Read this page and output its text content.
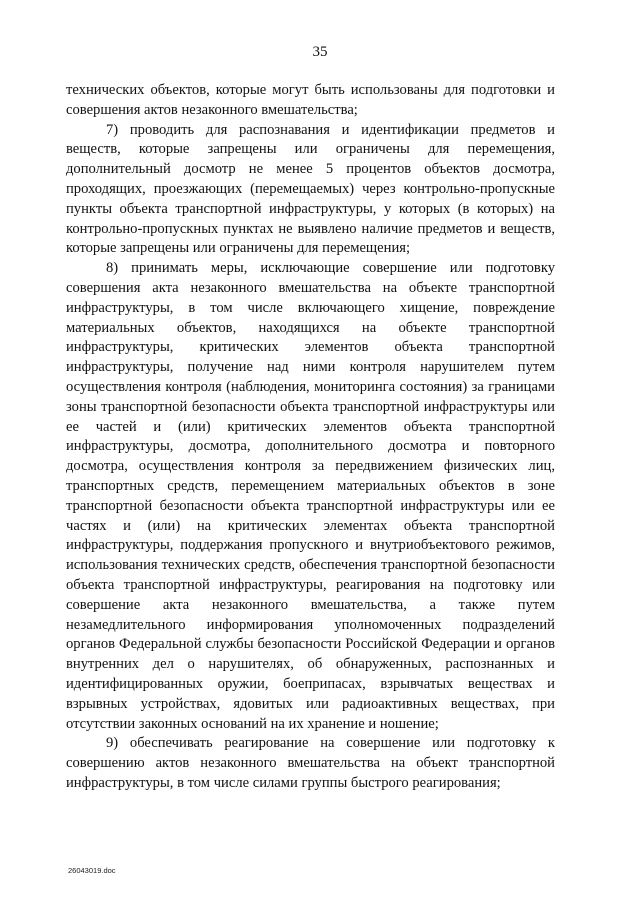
35

технических объектов, которые могут быть использованы для подготовки и совершения актов незаконного вмешательства;

7) проводить для распознавания и идентификации предметов и веществ, которые запрещены или ограничены для перемещения, дополнительный досмотр не менее 5 процентов объектов досмотра, проходящих, проезжающих (перемещаемых) через контрольно-пропускные пункты объекта транспортной инфраструктуры, у которых (в которых) на контрольно-пропускных пунктах не выявлено наличие предметов и веществ, которые запрещены или ограничены для перемещения;

8) принимать меры, исключающие совершение или подготовку совершения акта незаконного вмешательства на объекте транспортной инфраструктуры, в том числе включающего хищение, повреждение материальных объектов, находящихся на объекте транспортной инфраструктуры, критических элементов объекта транспортной инфраструктуры, получение над ними контроля нарушителем путем осуществления контроля (наблюдения, мониторинга состояния) за границами зоны транспортной безопасности объекта транспортной инфраструктуры или ее частей и (или) критических элементов объекта транспортной инфраструктуры, досмотра, дополнительного досмотра и повторного досмотра, осуществления контроля за передвижением физических лиц, транспортных средств, перемещением материальных объектов в зоне транспортной безопасности объекта транспортной инфраструктуры или ее частях и (или) на критических элементах объекта транспортной инфраструктуры, поддержания пропускного и внутриобъектового режимов, использования технических средств, обеспечения транспортной безопасности объекта транспортной инфраструктуры, реагирования на подготовку или совершение акта незаконного вмешательства, а также путем незамедлительного информирования уполномоченных подразделений органов Федеральной службы безопасности Российской Федерации и органов внутренних дел о нарушителях, об обнаруженных, распознанных и идентифицированных оружии, боеприпасах, взрывчатых веществах и взрывных устройствах, ядовитых или радиоактивных веществах, при отсутствии законных оснований на их хранение и ношение;

9) обеспечивать реагирование на совершение или подготовку к совершению актов незаконного вмешательства на объект транспортной инфраструктуры, в том числе силами группы быстрого реагирования;

26043019.doc
